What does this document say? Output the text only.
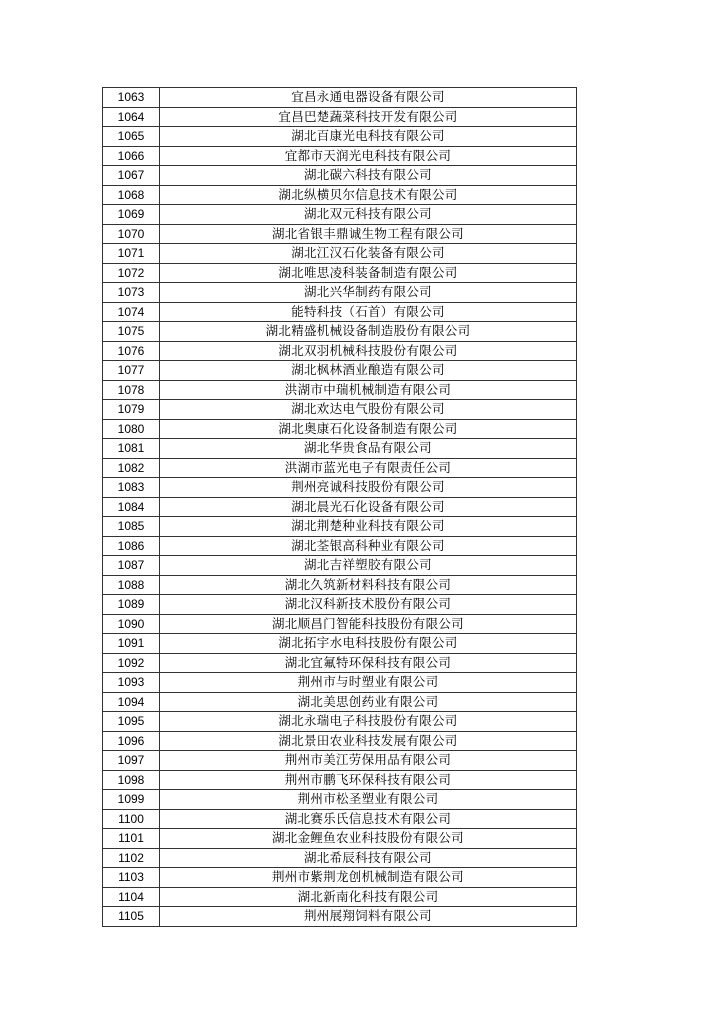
1063	宜昌永通电器设备有限公司
1064	宜昌巴楚蔬菜科技开发有限公司
1065	湖北百康光电科技有限公司
1066	宜都市天润光电科技有限公司
1067	湖北碳六科技有限公司
1068	湖北纵横贝尔信息技术有限公司
1069	湖北双元科技有限公司
1070	湖北省银丰鼎诚生物工程有限公司
1071	湖北江汉石化装备有限公司
1072	湖北唯思凌科装备制造有限公司
1073	湖北兴华制药有限公司
1074	能特科技（石首）有限公司
1075	湖北精盛机械设备制造股份有限公司
1076	湖北双羽机械科技股份有限公司
1077	湖北枫林酒业酿造有限公司
1078	洪湖市中瑞机械制造有限公司
1079	湖北欢达电气股份有限公司
1080	湖北奥康石化设备制造有限公司
1081	湖北华贵食品有限公司
1082	洪湖市蓝光电子有限责任公司
1083	荆州亮诚科技股份有限公司
1084	湖北晨光石化设备有限公司
1085	湖北荆楚种业科技有限公司
1086	湖北荃银高科种业有限公司
1087	湖北吉祥塑胶有限公司
1088	湖北久筑新材料科技有限公司
1089	湖北汉科新技术股份有限公司
1090	湖北顺昌门智能科技股份有限公司
1091	湖北拓宇水电科技股份有限公司
1092	湖北宜氟特环保科技有限公司
1093	荆州市与时塑业有限公司
1094	湖北美思创药业有限公司
1095	湖北永瑞电子科技股份有限公司
1096	湖北景田农业科技发展有限公司
1097	荆州市美江劳保用品有限公司
1098	荆州市鹏飞环保科技有限公司
1099	荆州市松圣塑业有限公司
1100	湖北赛乐氏信息技术有限公司
1101	湖北金鲤鱼农业科技股份有限公司
1102	湖北希辰科技有限公司
1103	荆州市紫荆龙创机械制造有限公司
1104	湖北新南化科技有限公司
1105	荆州展翔饲料有限公司
